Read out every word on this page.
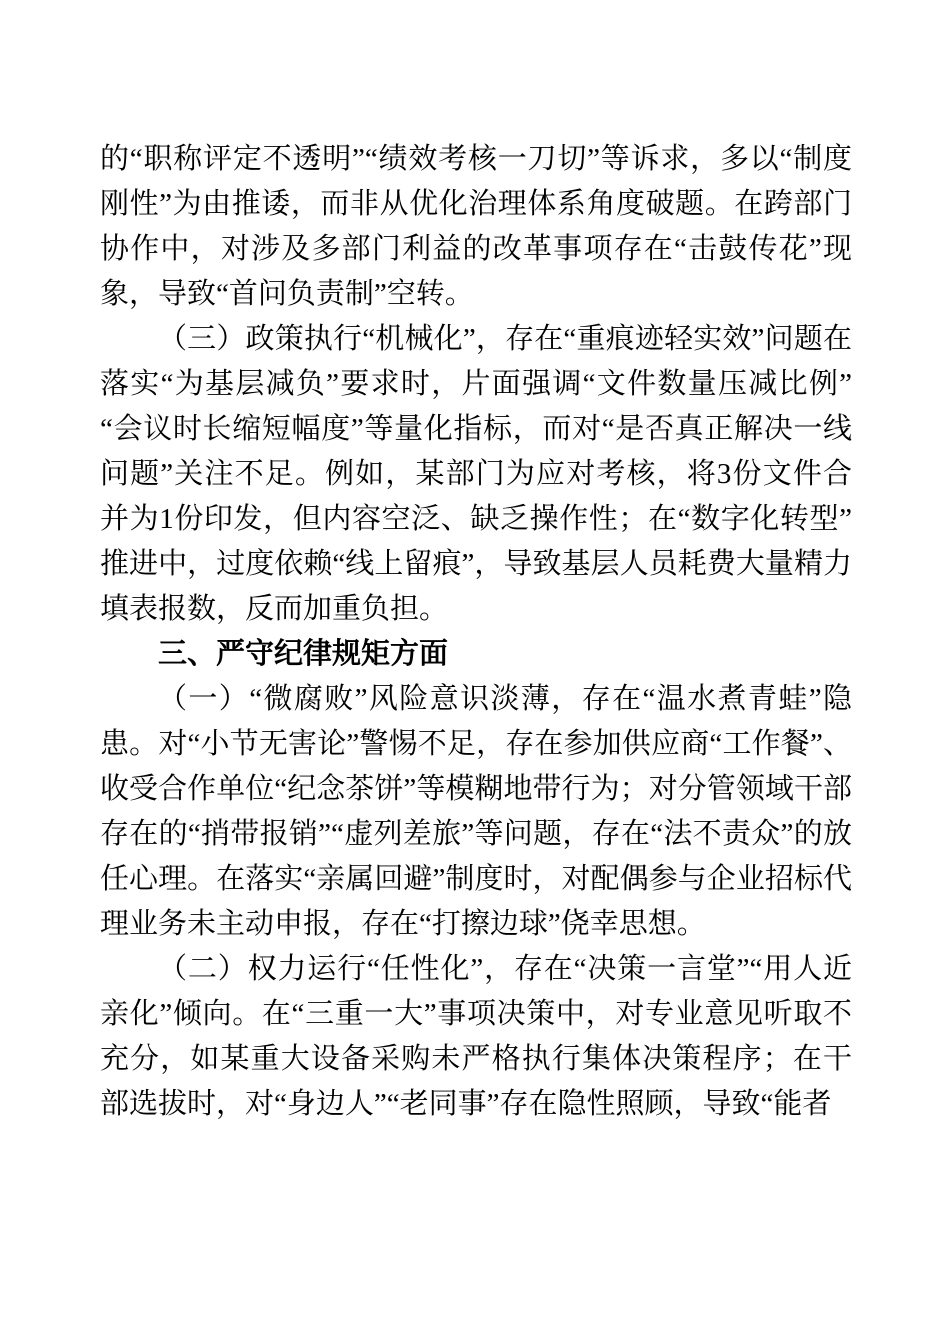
的“职称评定不透明”“绩效考核一刀切”等诉求，多以“制度刚性”为由推诿，而非从优化治理体系角度破题。在跨部门协作中，对涉及多部门利益的改革事项存在“击鼓传花”现象，导致“首问负责制”空转。

（三）政策执行“机械化”，存在“重痕迹轻实效”问题在落实“为基层减负”要求时，片面强调“文件数量压减比例”“会议时长缩短幅度”等量化指标，而对“是否真正解决一线问题”关注不足。例如，某部门为应对考核，将3份文件合并为1份印发，但内容空泛、缺乏操作性；在“数字化转型”推进中，过度依赖“线上留痕”，导致基层人员耗费大量精力填表报数，反而加重负担。

三、严守纪律规矩方面

（一）“微腐败”风险意识淡薄，存在“温水煮青蛙”隐患。对“小节无害论”警惕不足，存在参加供应商“工作餐”、收受合作单位“纪念茶饼”等模糊地带行为；对分管领域干部存在的“捎带报销”“虚列差旅”等问题，存在“法不责众”的放任心理。在落实“亲属回避”制度时，对配偶参与企业招标代理业务未主动申报，存在“打擦边球”侥幸思想。

（二）权力运行“任性化”，存在“决策一言堂”“用人近亲化”倾向。在“三重一大”事项决策中，对专业意见听取不充分，如某重大设备采购未严格执行集体决策程序；在干部选拔时，对“身边人”“老同事”存在隐性照顾，导致“能者
